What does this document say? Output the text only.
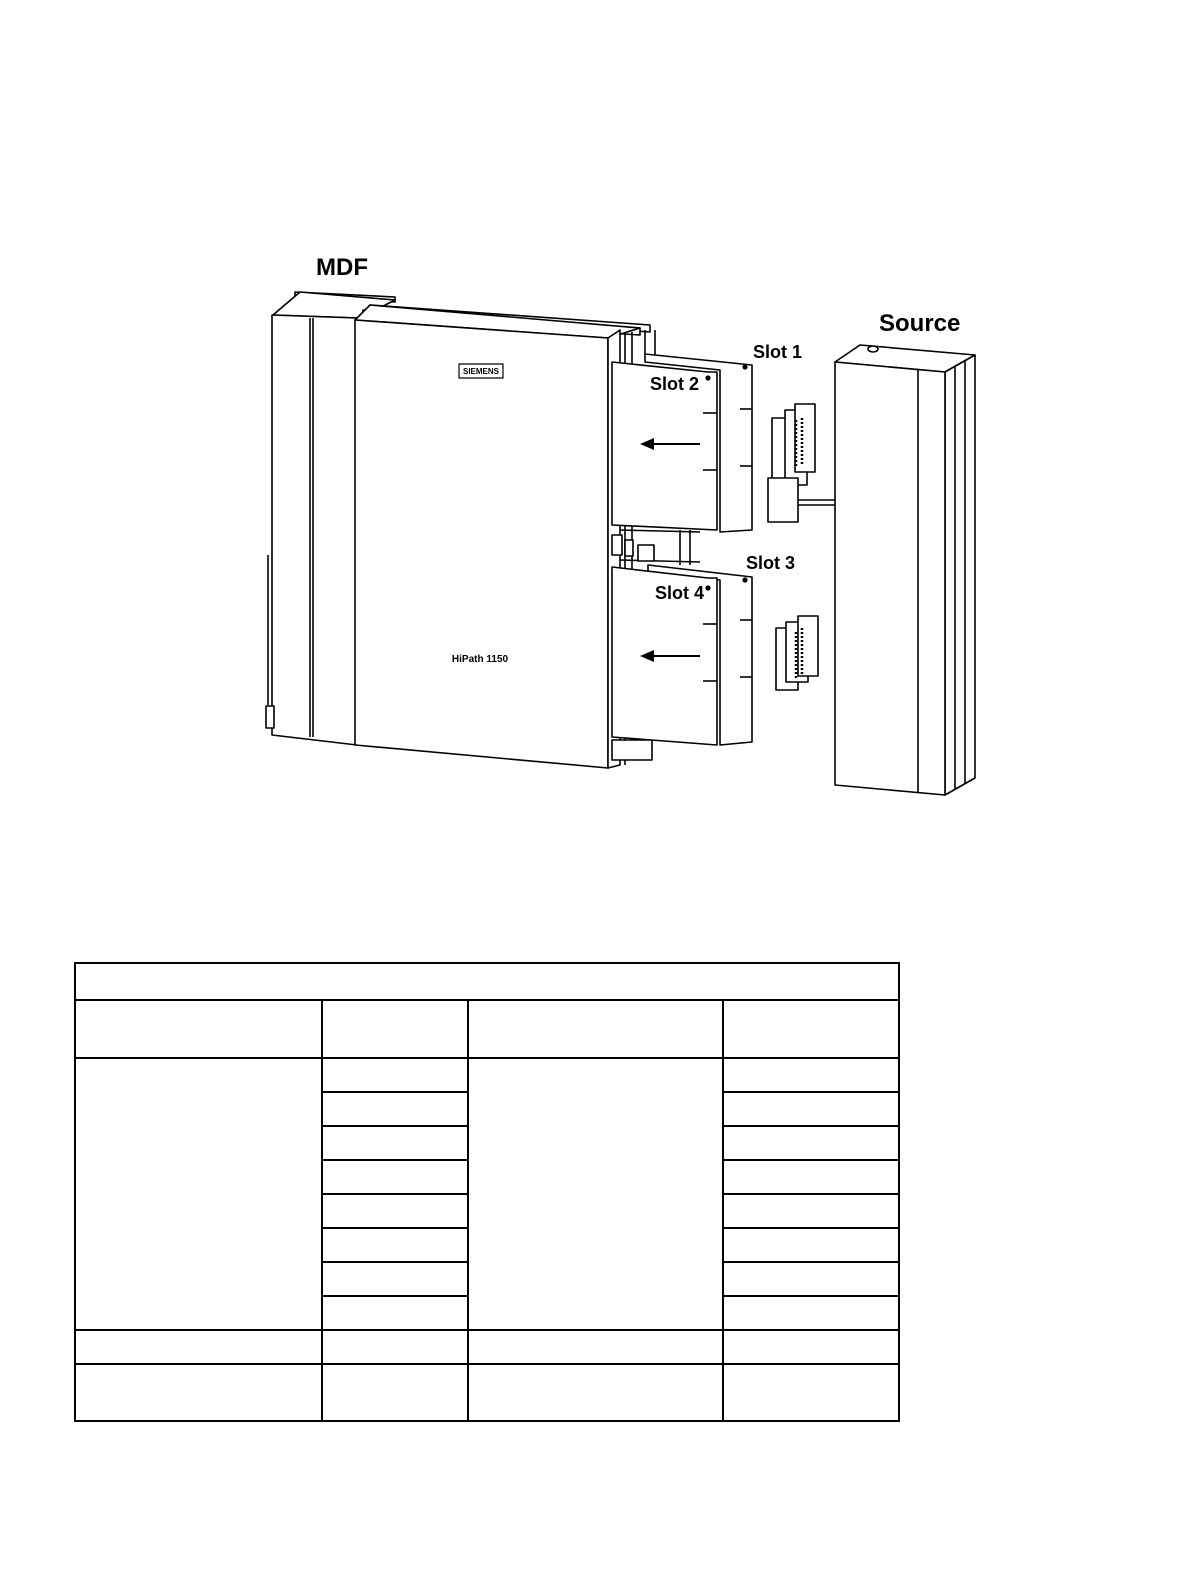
MDF
Source
Slot 1
Slot 2
Slot 3
Slot 4
SIEMENS
HiPath 1150
